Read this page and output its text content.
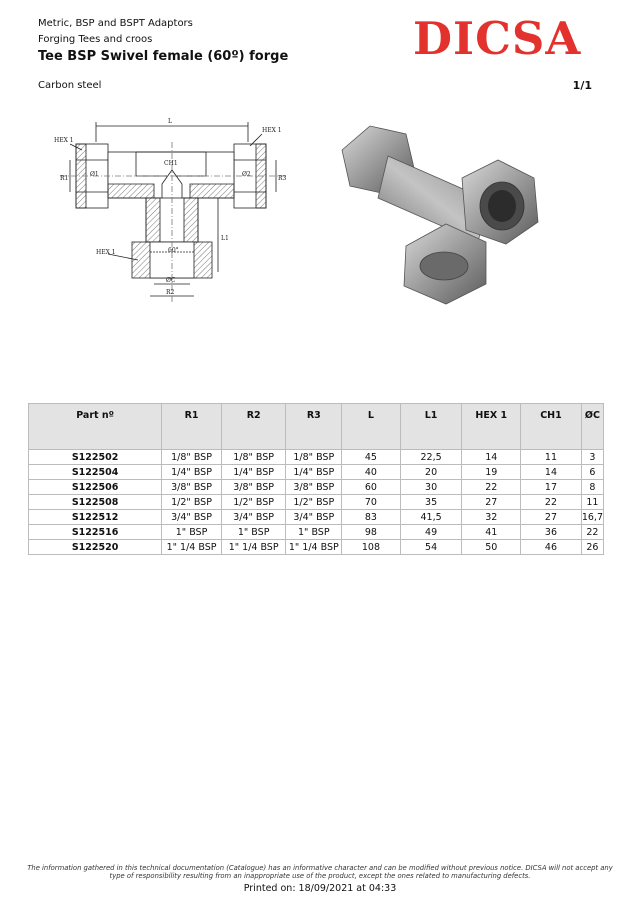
Metric, BSP and BSPT Adaptors
Forging Tees and croos
Tee BSP Swivel female (60º) forge	DICSA
Carbon steel	1/1
L
HEX 1
HEX 1
CH1
R1	R3
Ø1	Ø2
L1
HEX 1	60°
ØC
R2
Part nº	R1	R2	R3	L	L1	HEX 1	CH1	ØC
S122502	1/8" BSP	1/8" BSP	1/8" BSP	45	22,5	14	11	3
S122504	1/4" BSP	1/4" BSP	1/4" BSP	40	20	19	14	6
S122506	3/8" BSP	3/8" BSP	3/8" BSP	60	30	22	17	8
S122508	1/2" BSP	1/2" BSP	1/2" BSP	70	35	27	22	11
S122512	3/4" BSP	3/4" BSP	3/4" BSP	83	41,5	32	27	16,7
S122516	1" BSP	1" BSP	1" BSP	98	49	41	36	22
S122520	1" 1/4 BSP	1" 1/4 BSP	1" 1/4 BSP	108	54	50	46	26
The information gathered in this technical documentation (Catalogue) has an informative character and can be modified without previous notice. DICSA will not accept any type of responsibility resulting from an inappropriate use of the product, except the ones related to manufacturing defects.
Printed on: 18/09/2021 at 04:33
